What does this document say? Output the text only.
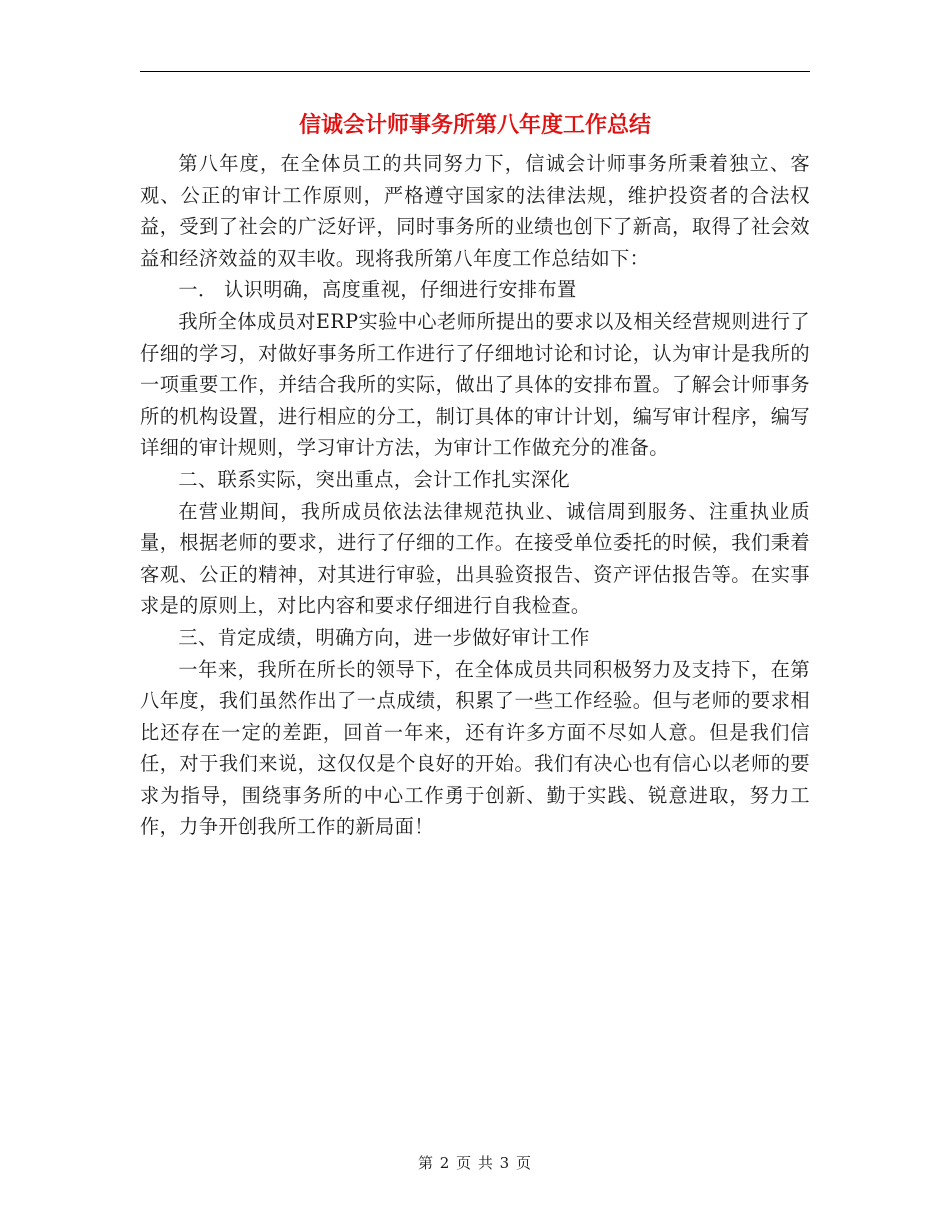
信诚会计师事务所第八年度工作总结

第八年度，在全体员工的共同努力下，信诚会计师事务所秉着独立、客观、公正的审计工作原则，严格遵守国家的法律法规，维护投资者的合法权益，受到了社会的广泛好评，同时事务所的业绩也创下了新高，取得了社会效益和经济效益的双丰收。现将我所第八年度工作总结如下：

一． 认识明确，高度重视，仔细进行安排布置

我所全体成员对ERP实验中心老师所提出的要求以及相关经营规则进行了仔细的学习，对做好事务所工作进行了仔细地讨论和讨论，认为审计是我所的一项重要工作，并结合我所的实际，做出了具体的安排布置。了解会计师事务所的机构设置，进行相应的分工，制订具体的审计计划，编写审计程序，编写详细的审计规则，学习审计方法，为审计工作做充分的准备。

二、联系实际，突出重点，会计工作扎实深化

在营业期间，我所成员依法法律规范执业、诚信周到服务、注重执业质量，根据老师的要求，进行了仔细的工作。在接受单位委托的时候，我们秉着客观、公正的精神，对其进行审验，出具验资报告、资产评估报告等。在实事求是的原则上，对比内容和要求仔细进行自我检查。

三、肯定成绩，明确方向，进一步做好审计工作

一年来，我所在所长的领导下，在全体成员共同积极努力及支持下，在第八年度，我们虽然作出了一点成绩，积累了一些工作经验。但与老师的要求相比还存在一定的差距，回首一年来，还有许多方面不尽如人意。但是我们信任，对于我们来说，这仅仅是个良好的开始。我们有决心也有信心以老师的要求为指导，围绕事务所的中心工作勇于创新、勤于实践、锐意进取，努力工作，力争开创我所工作的新局面！

第 2 页 共 3 页
